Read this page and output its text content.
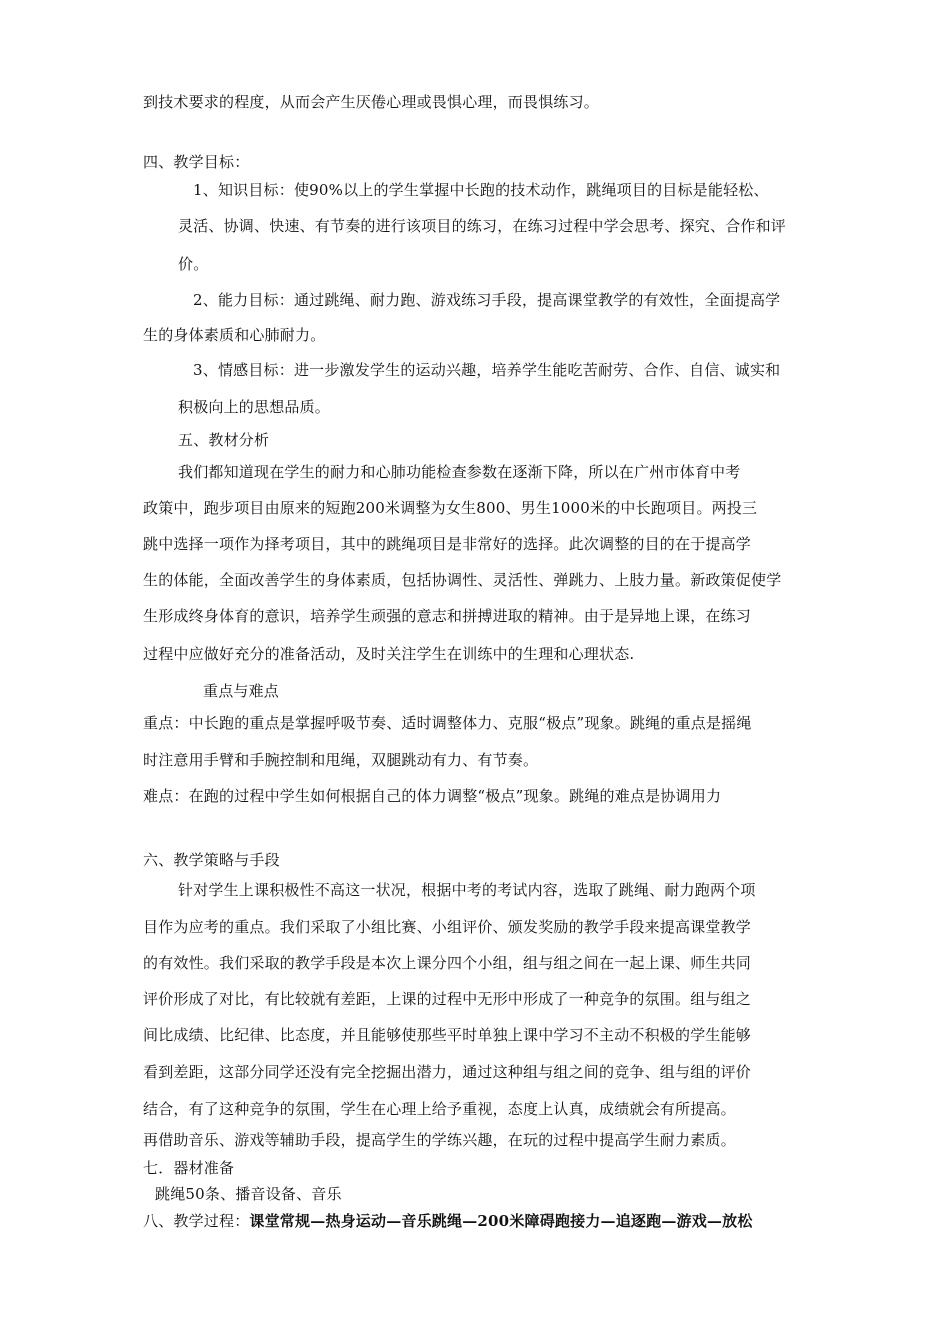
到技术要求的程度，从而会产生厌倦心理或畏惧心理，而畏惧练习。
四、教学目标：
1、知识目标：使90%以上的学生掌握中长跑的技术动作，跳绳项目的目标是能轻松、
灵活、协调、快速、有节奏的进行该项目的练习，在练习过程中学会思考、探究、合作和评
价。
2、能力目标：通过跳绳、耐力跑、游戏练习手段，提高课堂教学的有效性，全面提高学
生的身体素质和心肺耐力。
3、情感目标：进一步激发学生的运动兴趣，培养学生能吃苦耐劳、合作、自信、诚实和
积极向上的思想品质。
五、教材分析
我们都知道现在学生的耐力和心肺功能检查参数在逐渐下降，所以在广州市体育中考
政策中，跑步项目由原来的短跑200米调整为女生800、男生1000米的中长跑项目。两投三
跳中选择一项作为择考项目，其中的跳绳项目是非常好的选择。此次调整的目的在于提高学
生的体能，全面改善学生的身体素质，包括协调性、灵活性、弹跳力、上肢力量。新政策促使学
生形成终身体育的意识，培养学生顽强的意志和拼搏进取的精神。由于是异地上课，在练习
过程中应做好充分的准备活动，及时关注学生在训练中的生理和心理状态.
重点与难点
重点：中长跑的重点是掌握呼吸节奏、适时调整体力、克服“极点”现象。跳绳的重点是摇绳
时注意用手臂和手腕控制和甩绳，双腿跳动有力、有节奏。
难点：在跑的过程中学生如何根据自己的体力调整“极点”现象。跳绳的难点是协调用力
六、教学策略与手段
针对学生上课积极性不高这一状况，根据中考的考试内容，选取了跳绳、耐力跑两个项
目作为应考的重点。我们采取了小组比赛、小组评价、颁发奖励的教学手段来提高课堂教学
的有效性。我们采取的教学手段是本次上课分四个小组，组与组之间在一起上课、师生共同
评价形成了对比，有比较就有差距，上课的过程中无形中形成了一种竞争的氛围。组与组之
间比成绩、比纪律、比态度，并且能够使那些平时单独上课中学习不主动不积极的学生能够
看到差距，这部分同学还没有完全挖掘出潜力，通过这种组与组之间的竞争、组与组的评价
结合，有了这种竞争的氛围，学生在心理上给予重视，态度上认真，成绩就会有所提高。
再借助音乐、游戏等辅助手段，提高学生的学练兴趣，在玩的过程中提高学生耐力素质。
七．器材准备
跳绳50条、播音设备、音乐
八、教学过程：课堂常规—热身运动—音乐跳绳—200米障碍跑接力—追逐跑—游戏—放松
